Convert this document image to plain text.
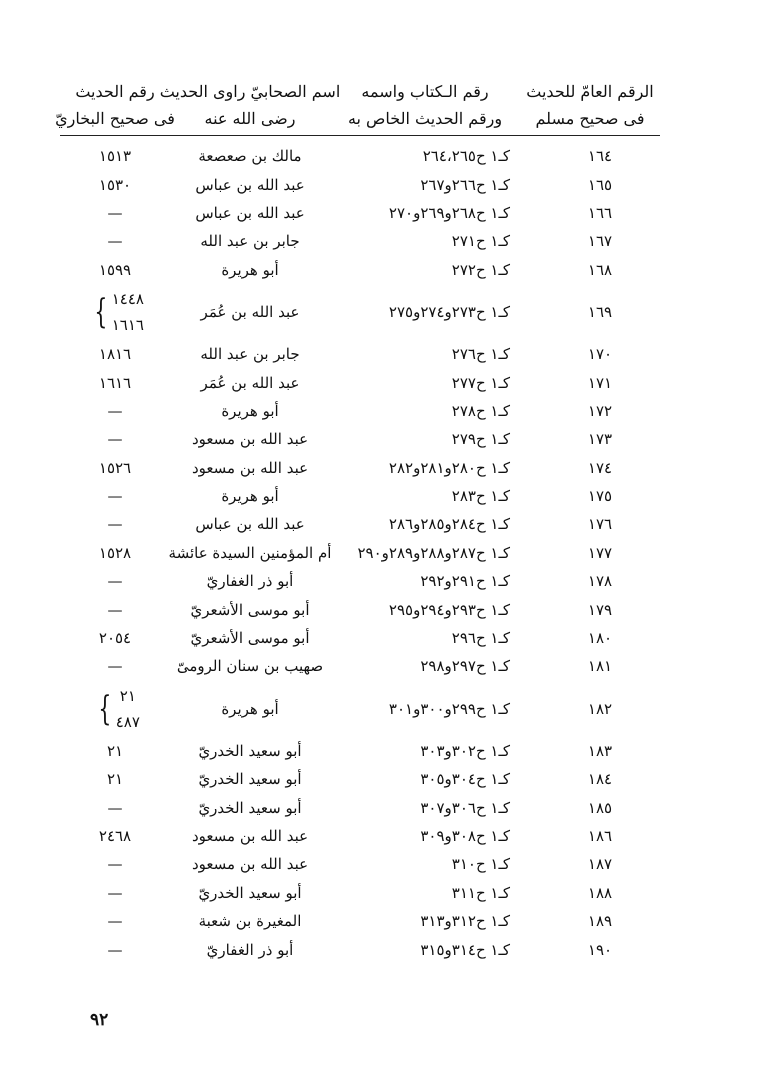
الرقم العامّ للحديث
فى صحيح مسلم
رقم الـكتاب واسمه
ورقم الحديث الخاص به
اسم الصحابيّ راوى الحديث
رضى الله عنه
رقم الحديث
فى صحيح البخاريّ
١٦٤
كـ١ ح٢٦٤،٢٦٥
مالك بن صعصعة
١٥١٣
١٦٥
كـ١ ح٢٦٦و٢٦٧
عبد الله بن عباس
١٥٣٠
١٦٦
كـ١ ح٢٦٨و٢٦٩و٢٧٠
عبد الله بن عباس
—
١٦٧
كـ١ ح٢٧١
جابر بن عبد الله
—
١٦٨
كـ١ ح٢٧٢
أبو هريرة
١٥٩٩
١٦٩
كـ١ ح٢٧٣و٢٧٤و٢٧٥
عبد الله بن عُمَر
١٤٤٨
١٦١٦
}
١٧٠
كـ١ ح٢٧٦
جابر بن عبد الله
١٨١٦
١٧١
كـ١ ح٢٧٧
عبد الله بن عُمَر
١٦١٦
١٧٢
كـ١ ح٢٧٨
أبو هريرة
—
١٧٣
كـ١ ح٢٧٩
عبد الله بن مسعود
—
١٧٤
كـ١ ح٢٨٠و٢٨١و٢٨٢
عبد الله بن مسعود
١٥٢٦
١٧٥
كـ١ ح٢٨٣
أبو هريرة
—
١٧٦
كـ١ ح٢٨٤و٢٨٥و٢٨٦
عبد الله بن عباس
—
١٧٧
كـ١ ح٢٨٧و٢٨٨و٢٨٩و٢٩٠
أم المؤمنين السيدة عائشة
١٥٢٨
١٧٨
كـ١ ح٢٩١و٢٩٢
أبو ذر الغفاريّ
—
١٧٩
كـ١ ح٢٩٣و٢٩٤و٢٩٥
أبو موسى الأشعريّ
—
١٨٠
كـ١ ح٢٩٦
أبو موسى الأشعريّ
٢٠٥٤
١٨١
كـ١ ح٢٩٧و٢٩٨
صهيب بن سنان الرومىّ
—
١٨٢
كـ١ ح٢٩٩و٣٠٠و٣٠١
أبو هريرة
٢١
٤٨٧
}
١٨٣
كـ١ ح٣٠٢و٣٠٣
أبو سعيد الخدريّ
٢١
١٨٤
كـ١ ح٣٠٤و٣٠٥
أبو سعيد الخدريّ
٢١
١٨٥
كـ١ ح٣٠٦و٣٠٧
أبو سعيد الخدريّ
—
١٨٦
كـ١ ح٣٠٨و٣٠٩
عبد الله بن مسعود
٢٤٦٨
١٨٧
كـ١ ح٣١٠
عبد الله بن مسعود
—
١٨٨
كـ١ ح٣١١
أبو سعيد الخدريّ
—
١٨٩
كـ١ ح٣١٢و٣١٣
المغيرة بن شعبة
—
١٩٠
كـ١ ح٣١٤و٣١٥
أبو ذر الغفاريّ
—
٩٢
